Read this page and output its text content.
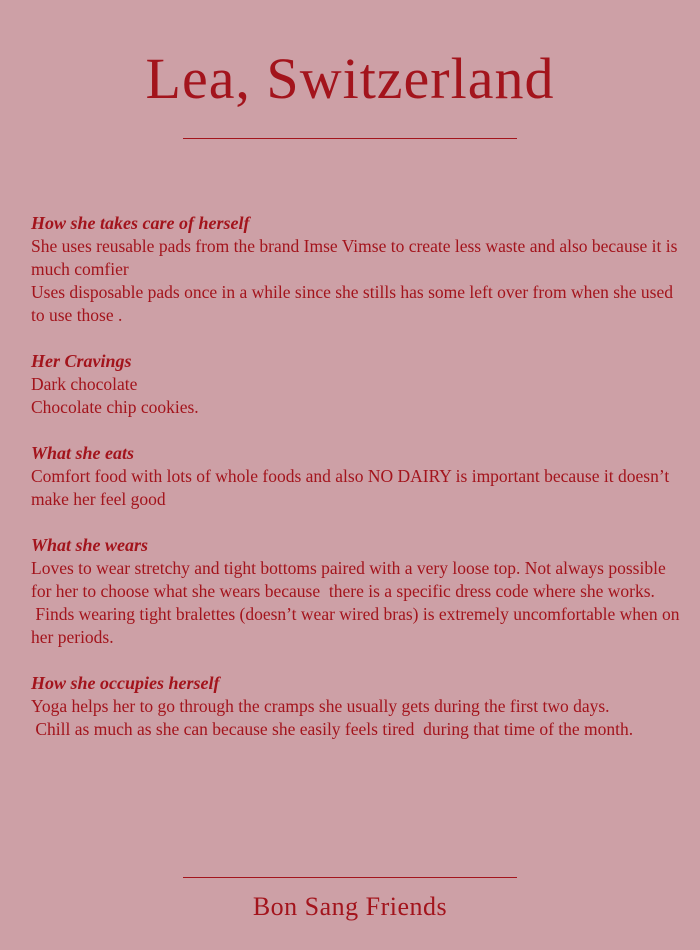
Lea, Switzerland
How she takes care of herself
She uses reusable pads from the brand Imse Vimse to create less waste and also because it is much comfier
Uses disposable pads once in a while since she stills has some left over from when she used to use those .
Her Cravings
Dark chocolate
Chocolate chip cookies.
What she eats
Comfort food with lots of whole foods and also NO DAIRY is important because it doesn’t make her feel good
What she wears
Loves to wear stretchy and tight bottoms paired with a very loose top. Not always possible for her to choose what she wears because  there is a specific dress code where she works.
Finds wearing tight bralettes (doesn’t wear wired bras) is extremely uncomfortable when on her periods.
How she occupies herself
Yoga helps her to go through the cramps she usually gets during the first two days.
Chill as much as she can because she easily feels tired  during that time of the month.
Bon Sang Friends
